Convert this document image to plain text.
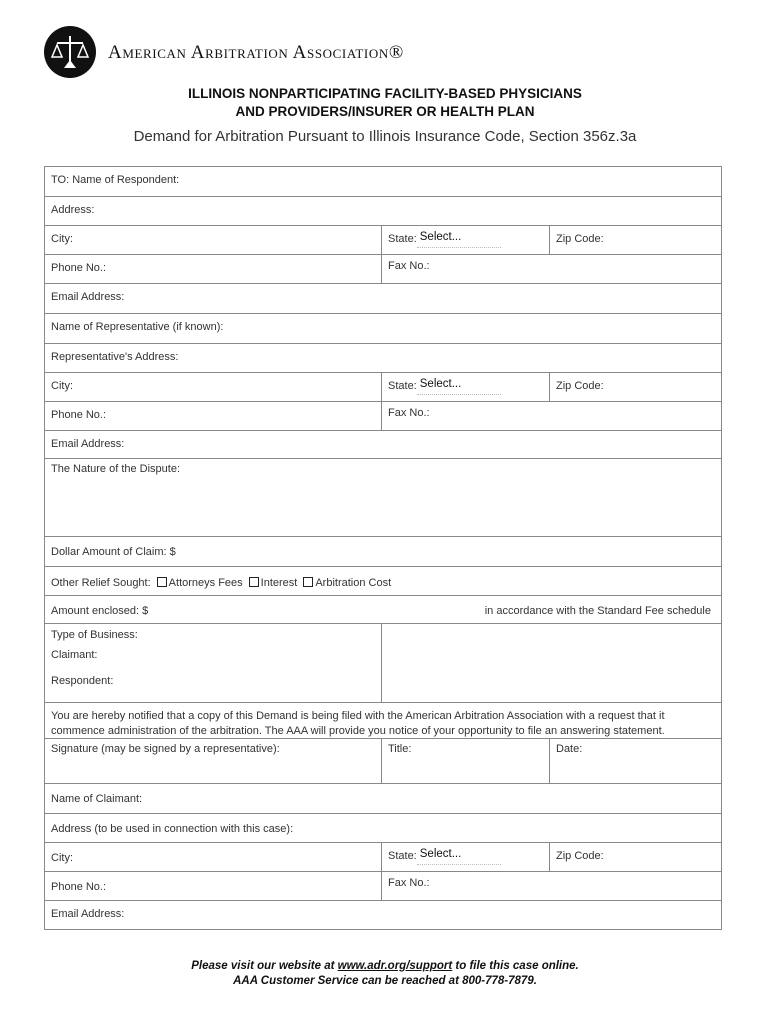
American Arbitration Association®
ILLINOIS NONPARTICIPATING FACILITY-BASED PHYSICIANS
AND PROVIDERS/INSURER OR HEALTH PLAN
Demand for Arbitration Pursuant to Illinois Insurance Code, Section 356z.3a
TO: Name of Respondent:
Address:
City:	State: Select...	Zip Code:
Phone No.:	Fax No.:
Email Address:
Name of Representative (if known):
Representative's Address:
City:	State: Select...	Zip Code:
Phone No.:	Fax No.:
Email Address:
The Nature of the Dispute:
Dollar Amount of Claim: $
Other Relief Sought: Attorneys Fees Interest Arbitration Cost
Amount enclosed: $	in accordance with the Standard Fee schedule
Type of Business:
Claimant:
Respondent:
You are hereby notified that a copy of this Demand is being filed with the American Arbitration Association with a request that it commence administration of the arbitration. The AAA will provide you notice of your opportunity to file an answering statement.
Signature (may be signed by a representative):	Title:	Date:
Name of Claimant:
Address (to be used in connection with this case):
City:	State: Select...	Zip Code:
Phone No.:	Fax No.:
Email Address:
Please visit our website at www.adr.org/support to file this case online.
AAA Customer Service can be reached at 800-778-7879.
